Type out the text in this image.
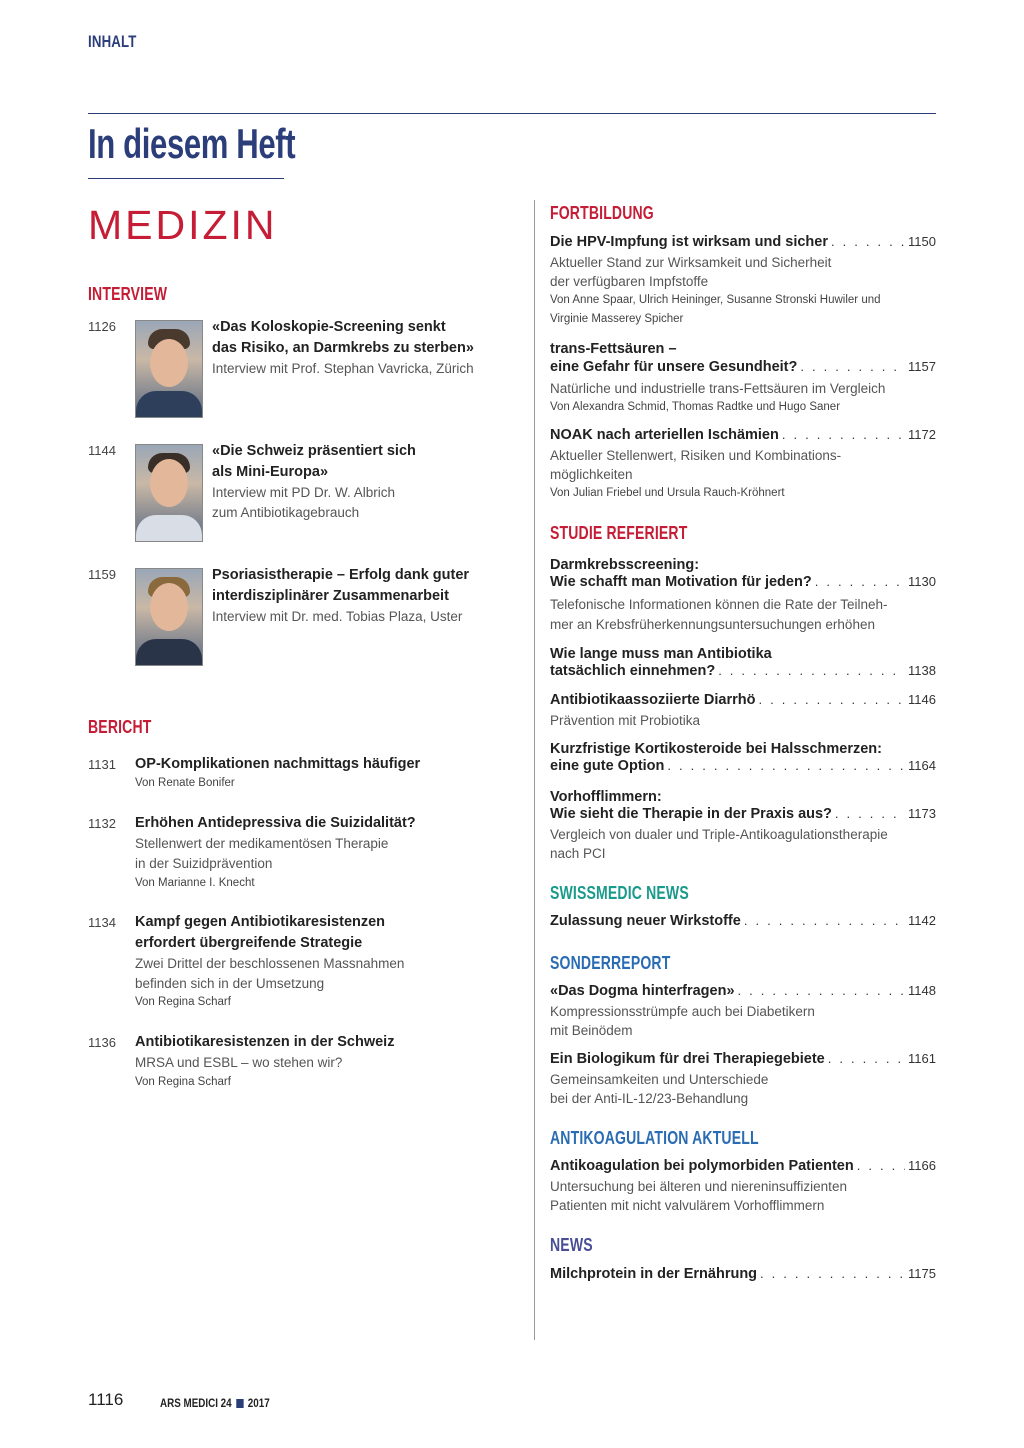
INHALT
In diesem Heft
MEDIZIN
INTERVIEW
1126	«Das Koloskopie-Screening senkt
das Risiko, an Darmkrebs zu sterben»
Interview mit Prof. Stephan Vavricka, Zürich
1144	«Die Schweiz präsentiert sich
als Mini-Europa»
Interview mit PD Dr. W. Albrich
zum Antibiotikagebrauch
1159	Psoriasistherapie – Erfolg dank guter
interdisziplinärer Zusammenarbeit
Interview mit Dr. med. Tobias Plaza, Uster
BERICHT
1131 OP-Komplikationen nachmittags häufiger
Von Renate Bonifer
1132 Erhöhen Antidepressiva die Suizidalität?
Stellenwert der medikamentösen Therapie
in der Suizidprävention
Von Marianne I. Knecht
1134 Kampf gegen Antibiotikaresistenzen
erfordert übergreifende Strategie
Zwei Drittel der beschlossenen Massnahmen
befinden sich in der Umsetzung
Von Regina Scharf
1136 Antibiotikaresistenzen in der Schweiz
MRSA und ESBL – wo stehen wir?
Von Regina Scharf
FORTBILDUNG
Die HPV-Impfung ist wirksam und sicher . . .	1150
Aktueller Stand zur Wirksamkeit und Sicherheit
der verfügbaren Impfstoffe
Von Anne Spaar, Ulrich Heininger, Susanne Stronski Huwiler und
Virginie Masserey Spicher
trans-Fettsäuren –
eine Gefahr für unsere Gesundheit? . . .	1157
Natürliche und industrielle trans-Fettsäuren im Vergleich
Von Alexandra Schmid, Thomas Radtke und Hugo Saner
NOAK nach arteriellen Ischämien . . .	1172
Aktueller Stellenwert, Risiken und Kombinations-
möglichkeiten
Von Julian Friebel und Ursula Rauch-Kröhnert
STUDIE REFERIERT
Darmkrebsscreening:
Wie schafft man Motivation für jeden? . . .	1130
Telefonische Informationen können die Rate der Teilneh-
mer an Krebsfrüherkennungsuntersuchungen erhöhen
Wie lange muss man Antibiotika
tatsächlich einnehmen? . . .	1138
Antibiotikaassoziierte Diarrhö . . .	1146
Prävention mit Probiotika
Kurzfristige Kortikosteroide bei Halsschmerzen:
eine gute Option . . .	1164
Vorhofflimmern:
Wie sieht die Therapie in der Praxis aus? . . .	1173
Vergleich von dualer und Triple-Antikoagulationstherapie
nach PCI
SWISSMEDIC NEWS
Zulassung neuer Wirkstoffe . . .	1142
SONDERREPORT
«Das Dogma hinterfragen» . . .	1148
Kompressionsstrümpfe auch bei Diabetikern
mit Beinödem
Ein Biologikum für drei Therapiegebiete . . .	1161
Gemeinsamkeiten und Unterschiede
bei der Anti-IL-12/23-Behandlung
ANTIKOAGULATION AKTUELL
Antikoagulation bei polymorbiden Patienten . . .	1166
Untersuchung bei älteren und niereninsuffizienten
Patienten mit nicht valvulärem Vorhofflimmern
NEWS
Milchprotein in der Ernährung . . .	1175
1116	ARS MEDICI 24 2017
